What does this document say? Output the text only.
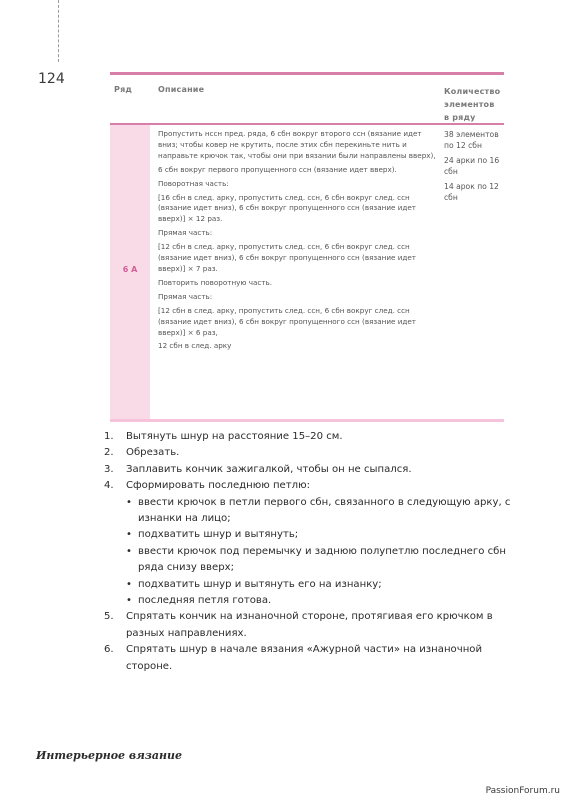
124
Ряд	Описание	Количество
элементов
в ряду
6 А

Пропустить нссн пред. ряда, 6 сбн вокруг второго ссн (вязание идет вниз; чтобы ковер не крутить, после этих сбн перекиньте нить и направьте крючок так, чтобы они при вязании были направлены вверх),

6 сбн вокруг первого пропущенного ссн (вязание идет вверх).

Поворотная часть:

[16 сбн в след. арку, пропустить след. ссн, 6 сбн вокруг след. ссн (вязание идет вниз), 6 сбн вокруг пропущенного ссн (вязание идет вверх)] × 12 раз.

Прямая часть:

[12 сбн в след. арку, пропустить след. ссн, 6 сбн вокруг след. ссн (вязание идет вниз), 6 сбн вокруг пропущенного ссн (вязание идет вверх)] × 7 раз.

Повторить поворотную часть.

Прямая часть:

[12 сбн в след. арку, пропустить след. ссн, 6 сбн вокруг след. ссн (вязание идет вниз), 6 сбн вокруг пропущенного ссн (вязание идет вверх)] × 6 раз,

12 сбн в след. арку

38 элементов по 12 сбн

24 арки по 16 сбн

14 арок по 12 сбн

1. Вытянуть шнур на расстояние 15–20 см.
2. Обрезать.
3. Заплавить кончик зажигалкой, чтобы он не сыпался.
4. Сформировать последнюю петлю:
• ввести крючок в петли первого сбн, связанного в следующую арку, с изнанки на лицо;
• подхватить шнур и вытянуть;
• ввести крючок под перемычку и заднюю полупетлю последнего сбн ряда снизу вверх;
• подхватить шнур и вытянуть его на изнанку;
• последняя петля готова.
5. Спрятать кончик на изнаночной стороне, протягивая его крючком в разных направлениях.
6. Спрятать шнур в начале вязания «Ажурной части» на изнаночной стороне.
Интерьерное вязание
PassionForum.ru
